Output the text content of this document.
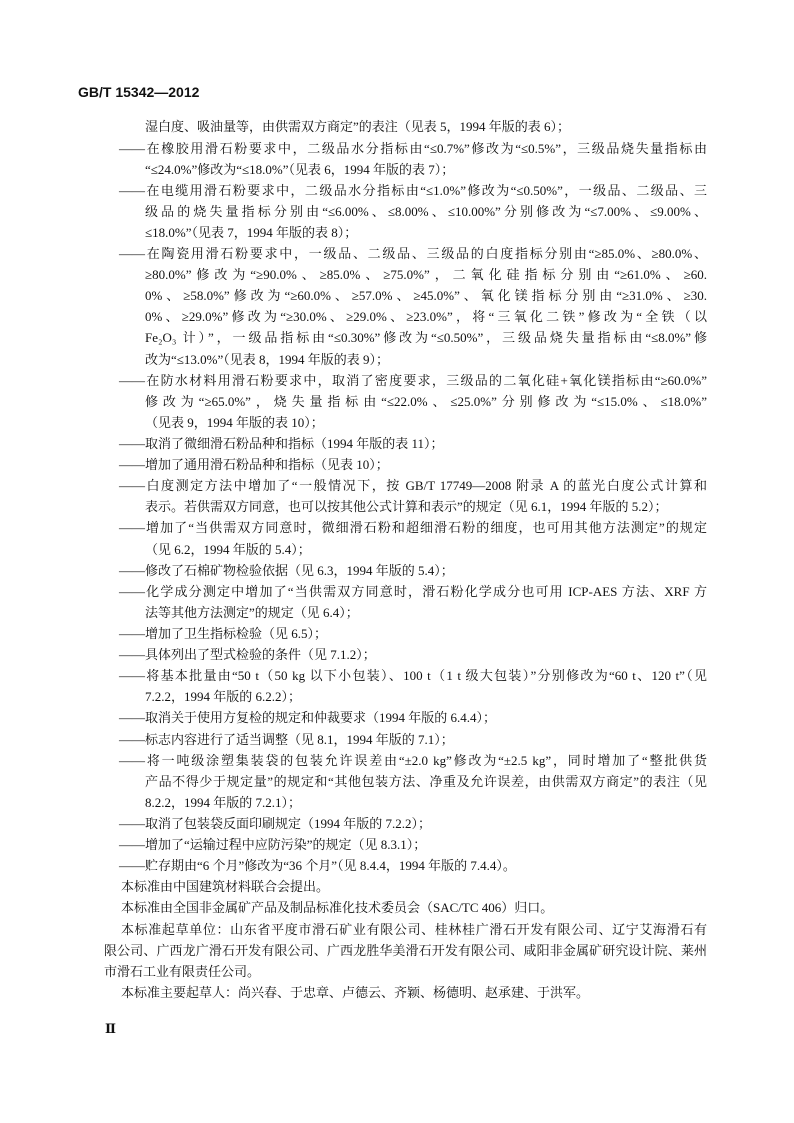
GB/T 15342—2012
湿白度、吸油量等，由供需双方商定”的表注（见表 5，1994 年版的表 6）；
——在橡胶用滑石粉要求中，二级品水分指标由“≤0.7%”修改为“≤0.5%”，三级品烧失量指标由
“≤24.0%”修改为“≤18.0%”（见表 6，1994 年版的表 7）；
——在电缆用滑石粉要求中，二级品水分指标由“≤1.0%”修改为“≤0.50%”，一级品、二级品、三
级品的烧失量指标分别由“≤6.00%、≤8.00%、≤10.00%”分别修改为“≤7.00%、≤9.00%、
≤18.0%”（见表 7，1994 年版的表 8）；
——在陶瓷用滑石粉要求中，一级品、二级品、三级品的白度指标分别由“≥85.0%、≥80.0%、
≥80.0%”修改为“≥90.0%、≥85.0%、≥75.0%”，二氧化硅指标分别由“≥61.0%、≥60.
0%、≥58.0%”修改为“≥60.0%、≥57.0%、≥45.0%”、氧化镁指标分别由“≥31.0%、≥30.
0%、≥29.0%”修改为“≥30.0%、≥29.0%、≥23.0%”，将“三氧化二铁”修改为“全铁（以
Fe₂O₃ 计）”，一级品指标由“≤0.30%”修改为“≤0.50%”，三级品烧失量指标由“≤8.0%”修
改为“≤13.0%”（见表 8，1994 年版的表 9）；
——在防水材料用滑石粉要求中，取消了密度要求，三级品的二氧化硅+氧化镁指标由“≥60.0%”
修改为“≥65.0%”，烧失量指标由“≤22.0%、≤25.0%”分别修改为“≤15.0%、≤18.0%”
（见表 9，1994 年版的表 10）；
——取消了微细滑石粉品种和指标（1994 年版的表 11）；
——增加了通用滑石粉品种和指标（见表 10）；
——白度测定方法中增加了“一般情况下，按 GB/T 17749—2008 附录 A 的蓝光白度公式计算和
表示。若供需双方同意，也可以按其他公式计算和表示”的规定（见 6.1，1994 年版的 5.2）；
——增加了“当供需双方同意时，微细滑石粉和超细滑石粉的细度，也可用其他方法测定”的规定
（见 6.2，1994 年版的 5.4）；
——修改了石棉矿物检验依据（见 6.3，1994 年版的 5.4）；
——化学成分测定中增加了“当供需双方同意时，滑石粉化学成分也可用 ICP-AES 方法、XRF 方
法等其他方法测定”的规定（见 6.4）；
——增加了卫生指标检验（见 6.5）；
——具体列出了型式检验的条件（见 7.1.2）；
——将基本批量由“50 t（50 kg 以下小包装）、100 t（1 t 级大包装）”分别修改为“60 t、120 t”（见
7.2.2，1994 年版的 6.2.2）；
——取消关于使用方复检的规定和仲裁要求（1994 年版的 6.4.4）；
——标志内容进行了适当调整（见 8.1，1994 年版的 7.1）；
——将一吨级涂塑集装袋的包装允许误差由“±2.0 kg”修改为“±2.5 kg”，同时增加了“整批供货
产品不得少于规定量”的规定和“其他包装方法、净重及允许误差，由供需双方商定”的表注（见
8.2.2，1994 年版的 7.2.1）；
——取消了包装袋反面印刷规定（1994 年版的 7.2.2）；
——增加了“运输过程中应防污染”的规定（见 8.3.1）；
——贮存期由“6 个月”修改为“36 个月”（见 8.4.4，1994 年版的 7.4.4）。
本标准由中国建筑材料联合会提出。
本标准由全国非金属矿产品及制品标准化技术委员会（SAC/TC 406）归口。
本标准起草单位：山东省平度市滑石矿业有限公司、桂林桂广滑石开发有限公司、辽宁艾海滑石有
限公司、广西龙广滑石开发有限公司、广西龙胜华美滑石开发有限公司、咸阳非金属矿研究设计院、莱州
市滑石工业有限责任公司。
本标准主要起草人：尚兴春、于忠章、卢德云、齐颖、杨德明、赵承建、于洪军。
Ⅱ
